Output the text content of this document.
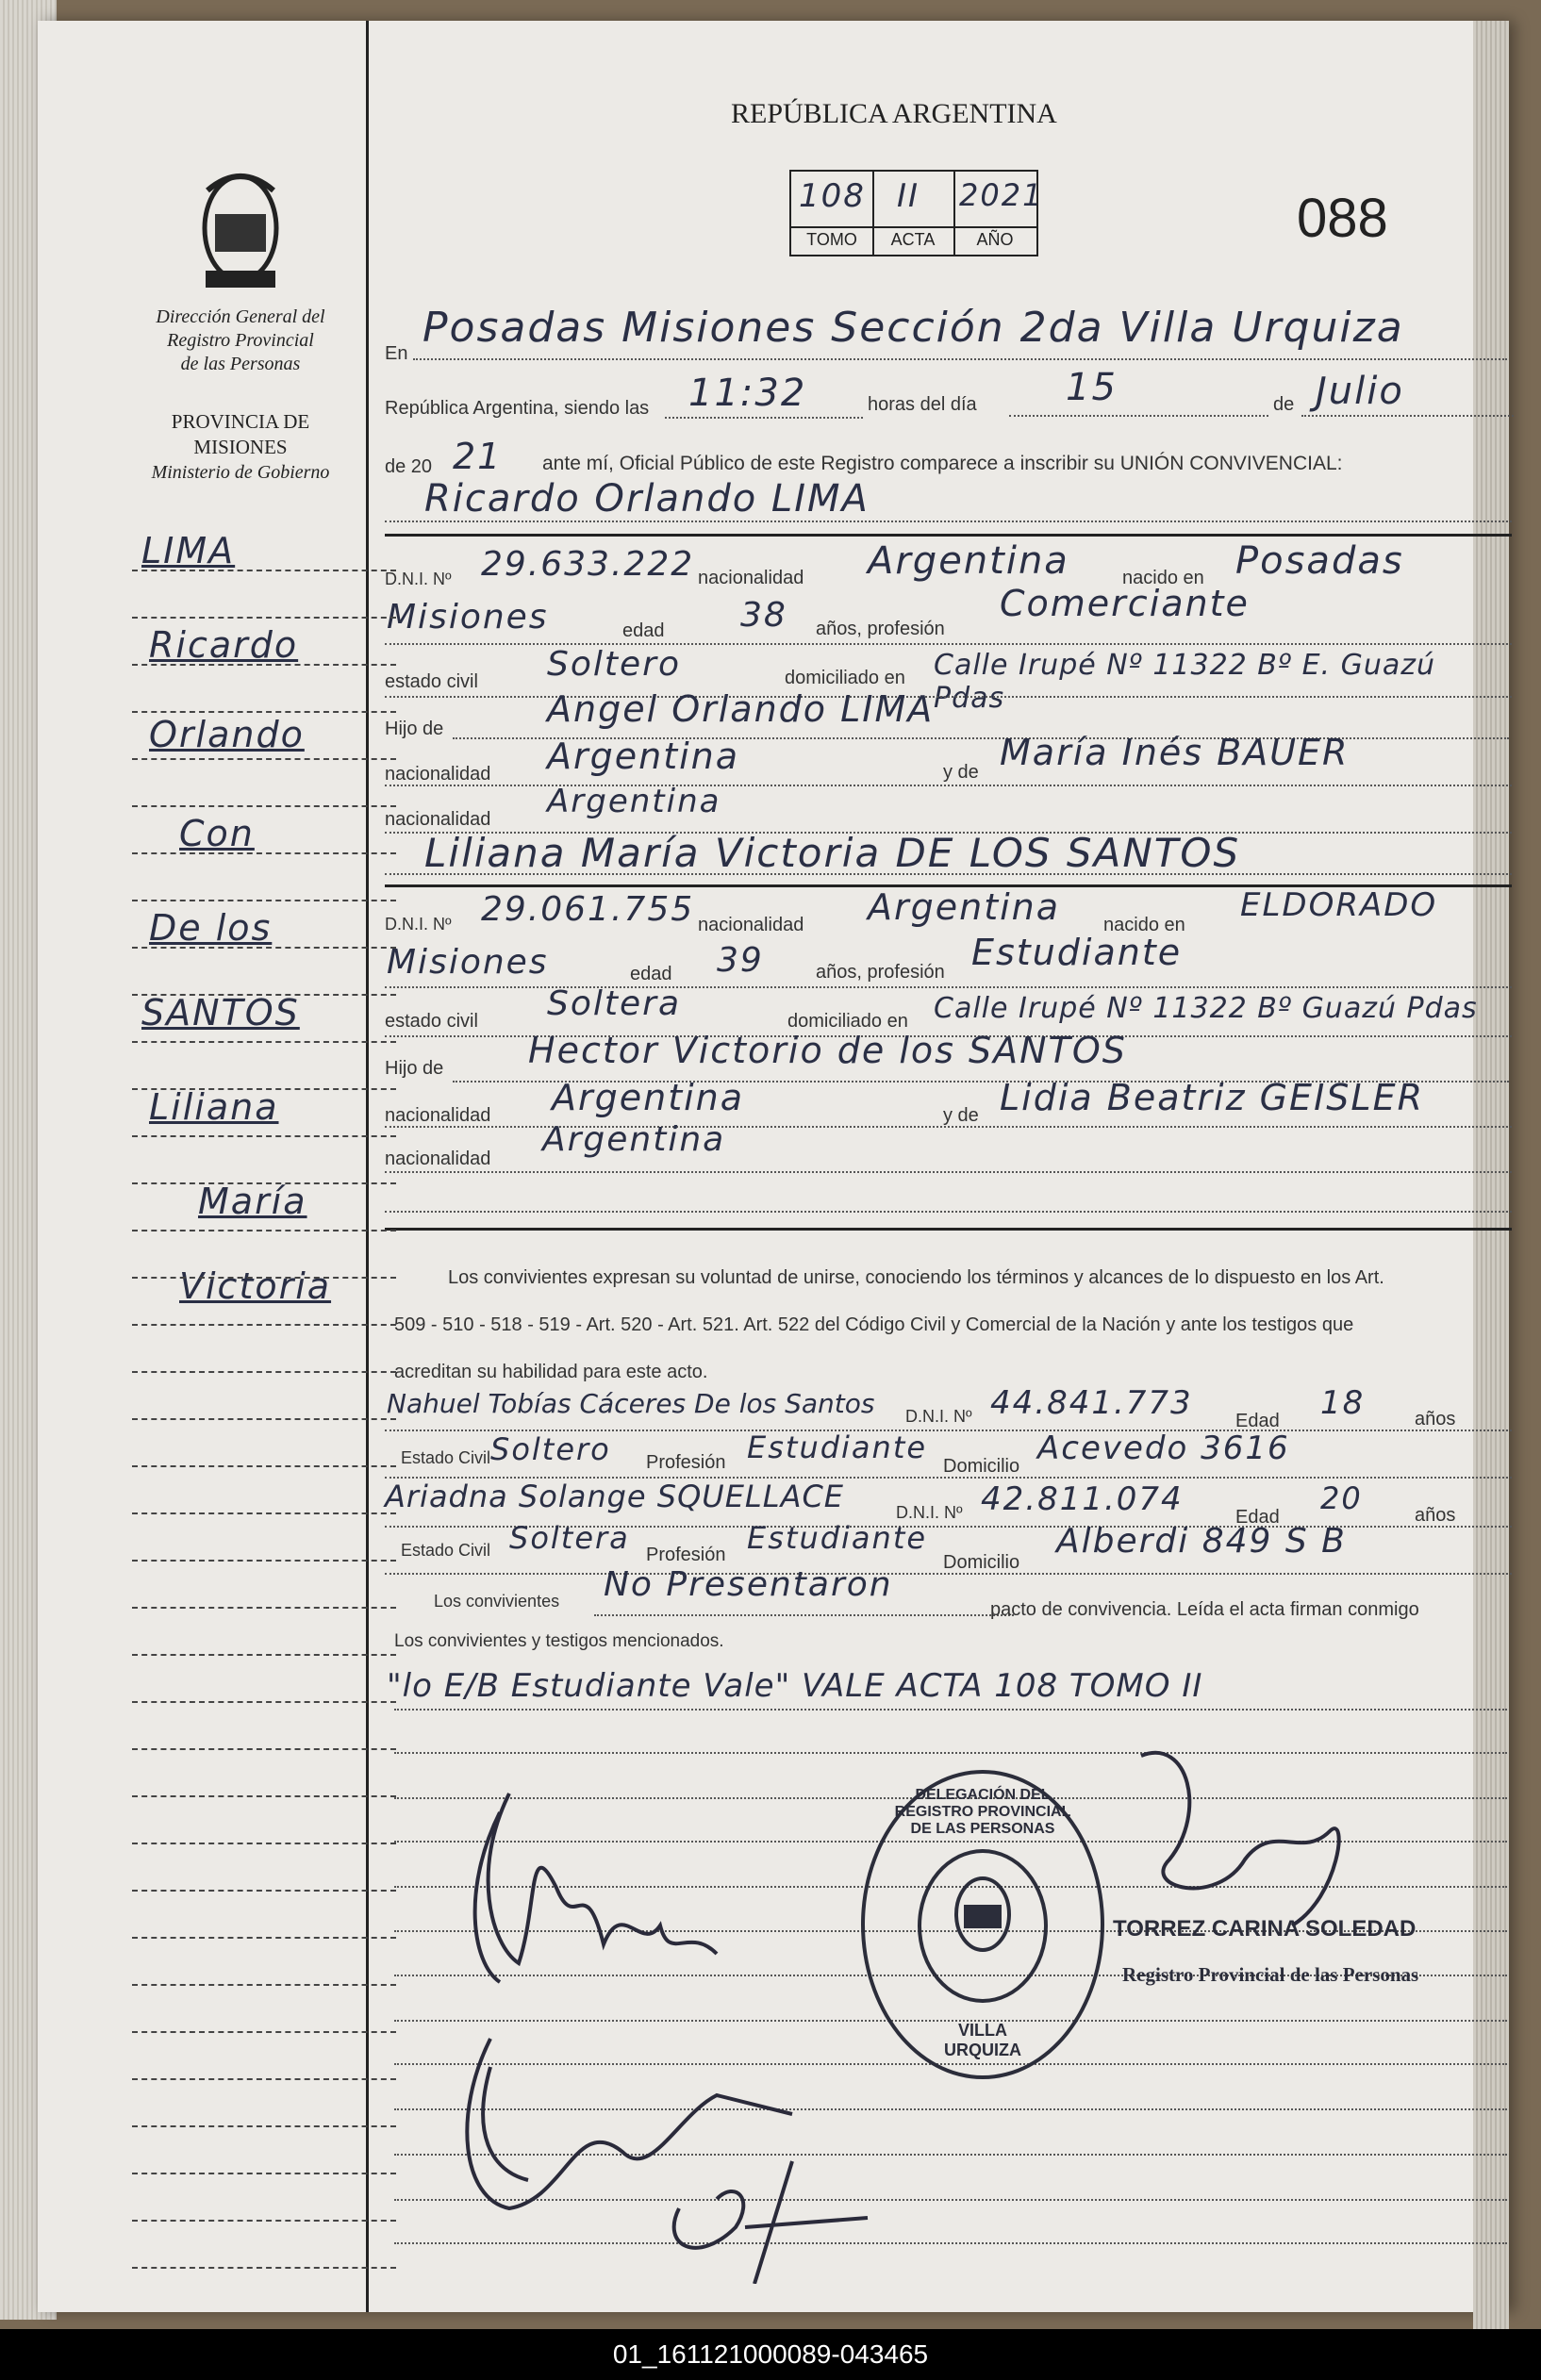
Dirección General del
Registro Provincial
de las Personas
PROVINCIA DE
MISIONES
Ministerio de Gobierno
LIMA
Ricardo
Orlando
Con
De los
SANTOS
Liliana
María
Victoria
REPÚBLICA ARGENTINA
108 II 2021
TOMO	ACTA	AÑO	088
En
Posadas Misiones Sección 2da Villa Urquiza
República Argentina, siendo las 11:32	horas del día 15	de Julio
de 20 21 ante mí, Oficial Público de este Registro comparece a inscribir su UNIÓN CONVIVENCIAL:
Ricardo Orlando LIMA
D.N.I. Nº 29.633.222 nacionalidad Argentina	nacido en Posadas
Misiones	edad 38 años, profesión
Comerciante
estado civil Soltero	domiciliado en Calle Irupé Nº 11322 Bº E. Guazú Pdas
Hijo de	Angel Orlando LIMA
nacionalidad Argentina	y de María Inés BAUER
nacionalidad Argentina
Liliana María Victoria DE LOS SANTOS
D.N.I. Nº 29.061.755 nacionalidad Argentina nacido en
ELDORADO
Misiones	edad 39	años, profesión Estudiante
estado civil Soltera	domiciliado en Calle Irupé Nº 11322 Bº Guazú Pdas
Hijo de Hector Victorio de los SANTOS
nacionalidad Argentina	y de Lidia Beatriz GEISLER
nacionalidad Argentina
Los convivientes expresan su voluntad de unirse, conociendo los términos y alcances de lo dispuesto en los Art.
509 - 510 - 518 - 519 - Art. 520 - Art. 521. Art. 522 del Código Civil y Comercial de la Nación y ante los testigos que
acreditan su habilidad para este acto.
Nahuel Tobías Cáceres De los Santos D.N.I. Nº 44.841.773 Edad 18	años
Estado Civil Soltero Profesión Estudiante
Domicilio Acevedo 3616
Ariadna Solange SQUELLACE	D.N.I. Nº 42.811.074	Edad
20	años
Estado Civil Soltera Profesión Estudiante
Domicilio
Alberdi 849 S B
Los convivientes No Presentaron
pacto de convivencia. Leída el acta firman conmigo
Los convivientes y testigos mencionados.
"lo E/B Estudiante Vale" VALE ACTA 108 TOMO II
DELEGACIÓN DEL REGISTRO PROVINCIAL DE LAS PERSONAS
VILLA URQUIZA
TORREZ CARINA SOLEDAD
Registro Provincial de las Personas
01_161121000089-043465
